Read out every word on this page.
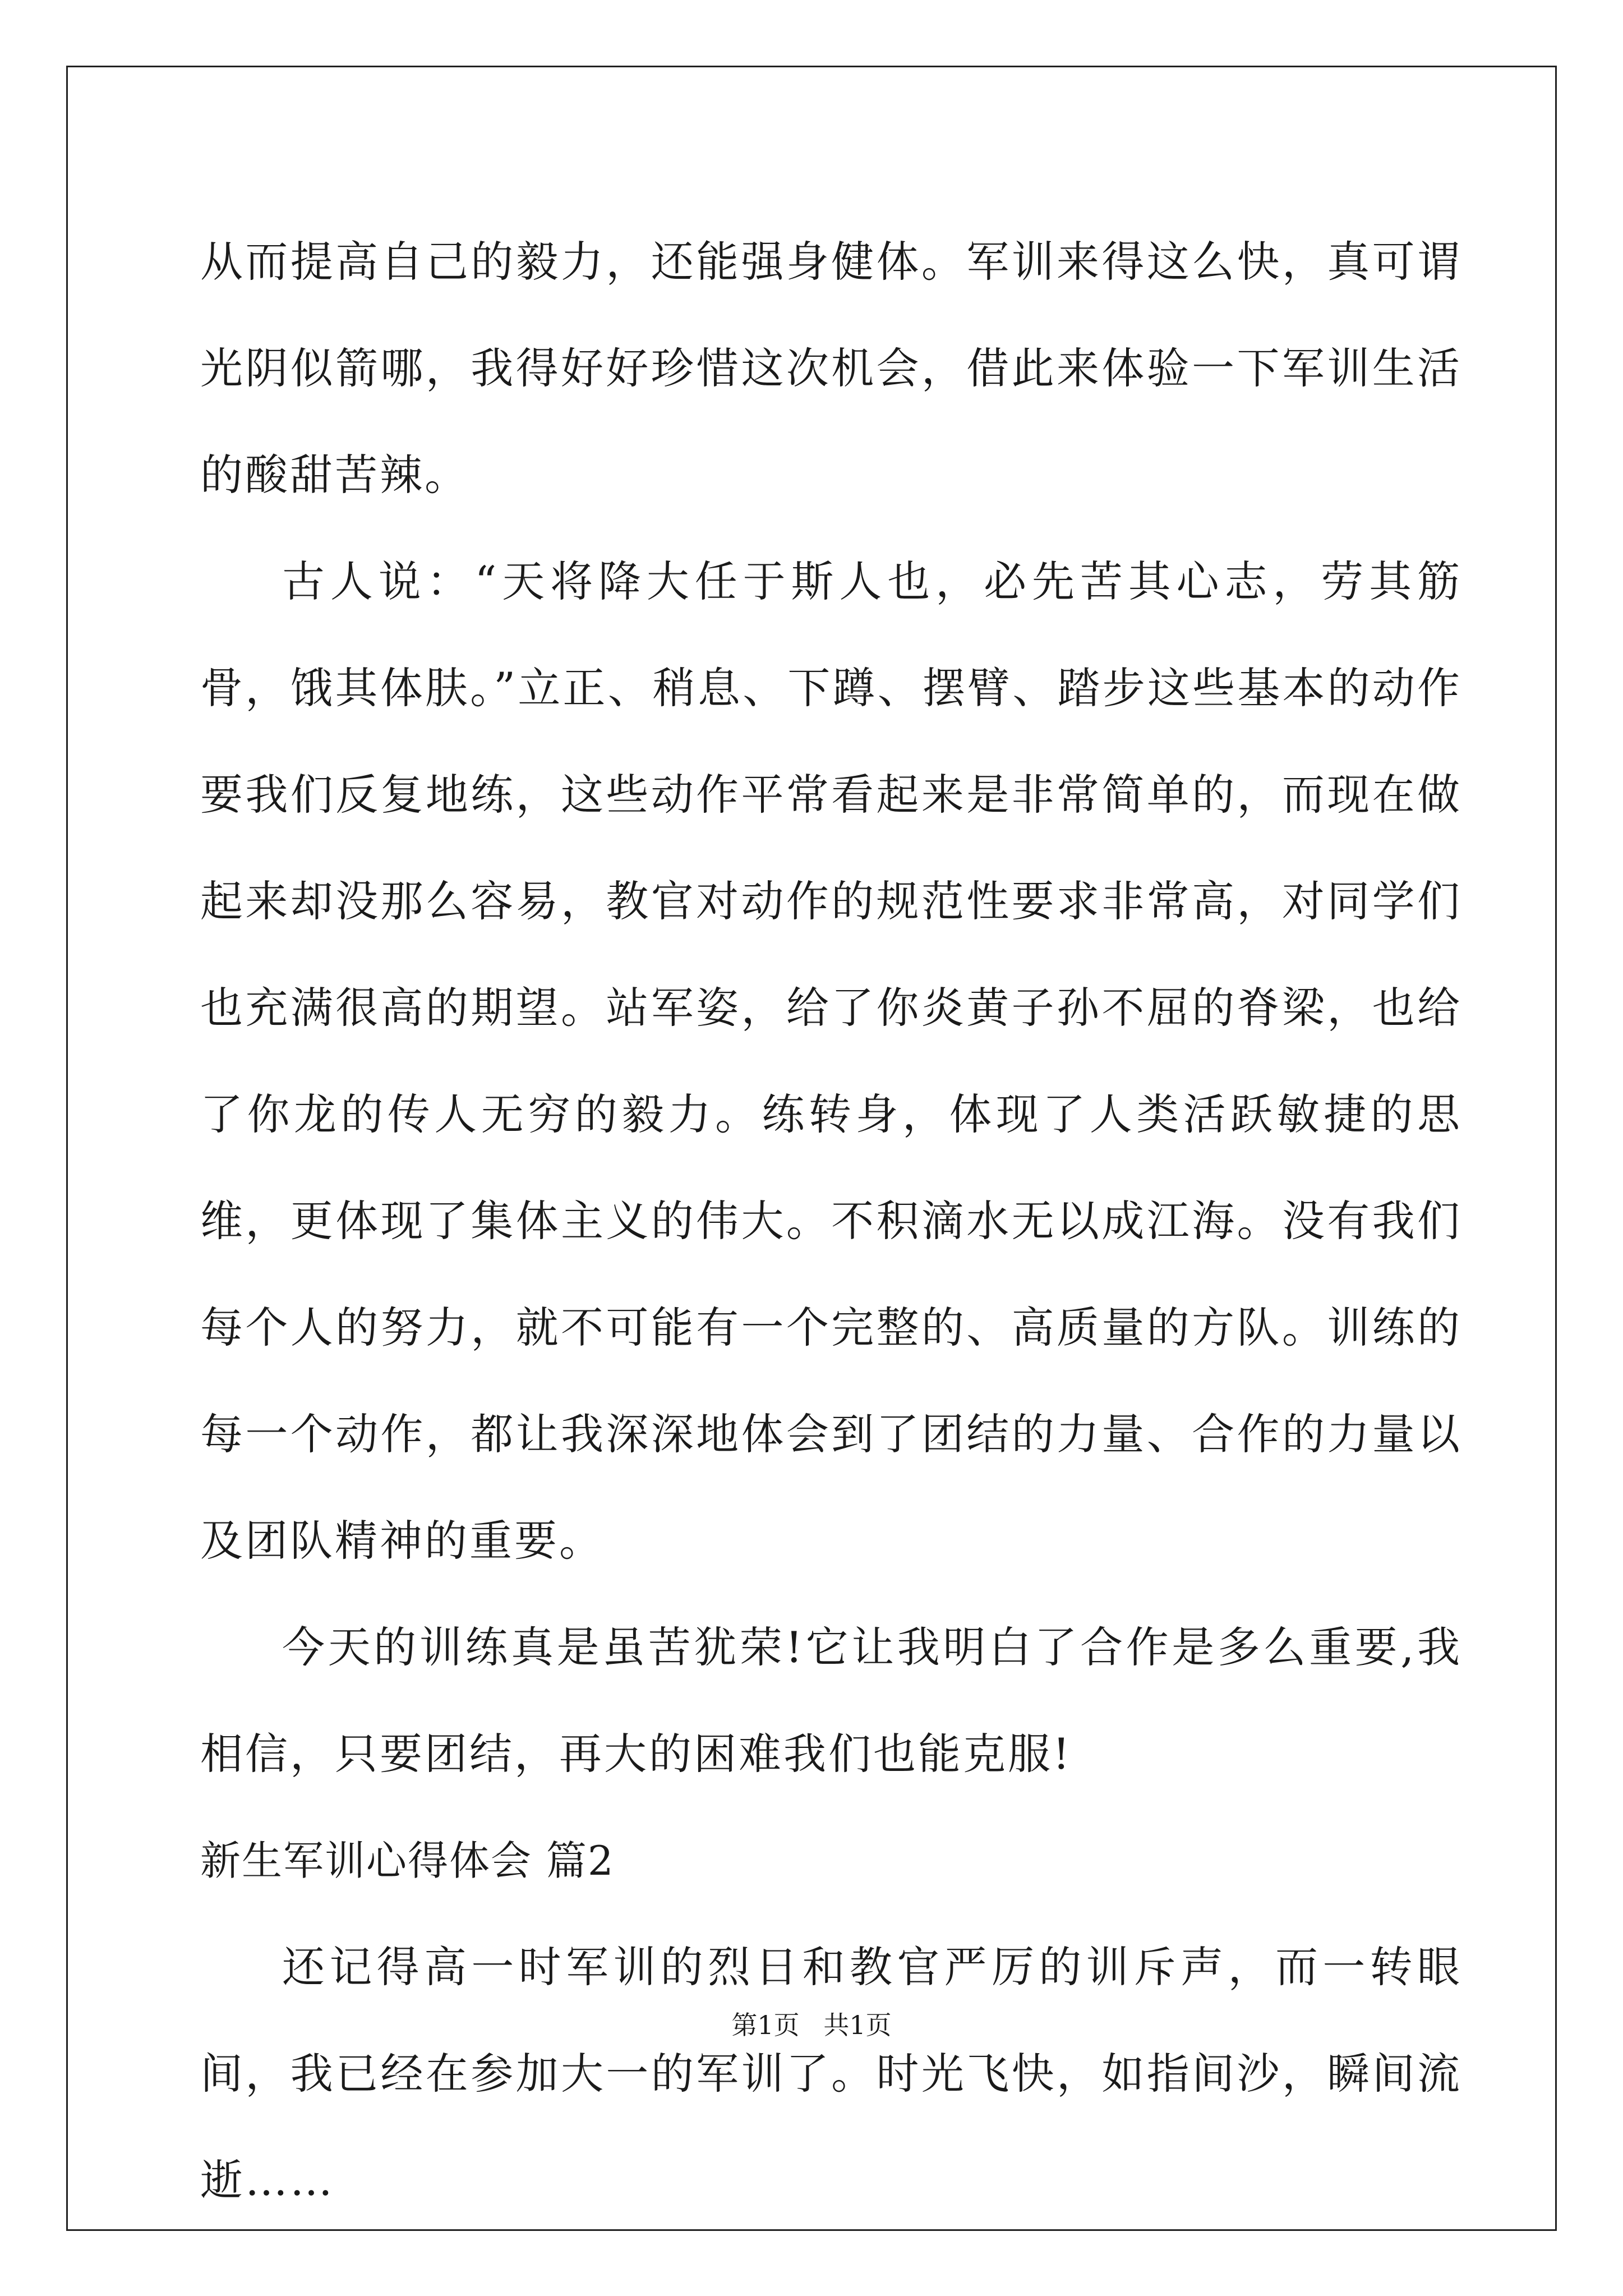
从而提高自己的毅力，还能强身健体。军训来得这么快，真可谓光阴似箭哪，我得好好珍惜这次机会，借此来体验一下军训生活的酸甜苦辣。

古人说：“天将降大任于斯人也，必先苦其心志，劳其筋骨，饿其体肤。”立正、稍息、下蹲、摆臂、踏步这些基本的动作要我们反复地练，这些动作平常看起来是非常简单的，而现在做起来却没那么容易，教官对动作的规范性要求非常高，对同学们也充满很高的期望。站军姿，给了你炎黄子孙不屈的脊梁，也给了你龙的传人无穷的毅力。练转身，体现了人类活跃敏捷的思维，更体现了集体主义的伟大。不积滴水无以成江海。没有我们每个人的努力，就不可能有一个完整的、高质量的方队。训练的每一个动作，都让我深深地体会到了团结的力量、合作的力量以及团队精神的重要。

今天的训练真是虽苦犹荣!它让我明白了合作是多么重要,我相信，只要团结，再大的困难我们也能克服!

新生军训心得体会 篇2

还记得高一时军训的烈日和教官严厉的训斥声，而一转眼间，我已经在参加大一的军训了。时光飞快，如指间沙，瞬间流逝……

第1页 共1页
